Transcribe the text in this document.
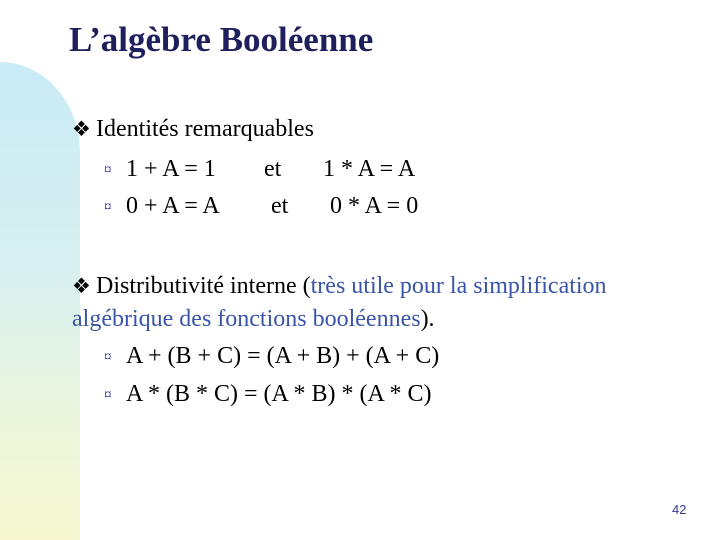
L’algèbre Booléenne
❖ Identités remarquables
¤ 1 + A = 1 et 1 * A = A
¤ 0 + A = A et 0 * A = 0
❖ Distributivité interne (très utile pour la simplification algébrique des fonctions booléennes).
¤ A + (B + C) = (A + B) + (A + C)
¤ A * (B * C) = (A * B) * (A * C)
42
